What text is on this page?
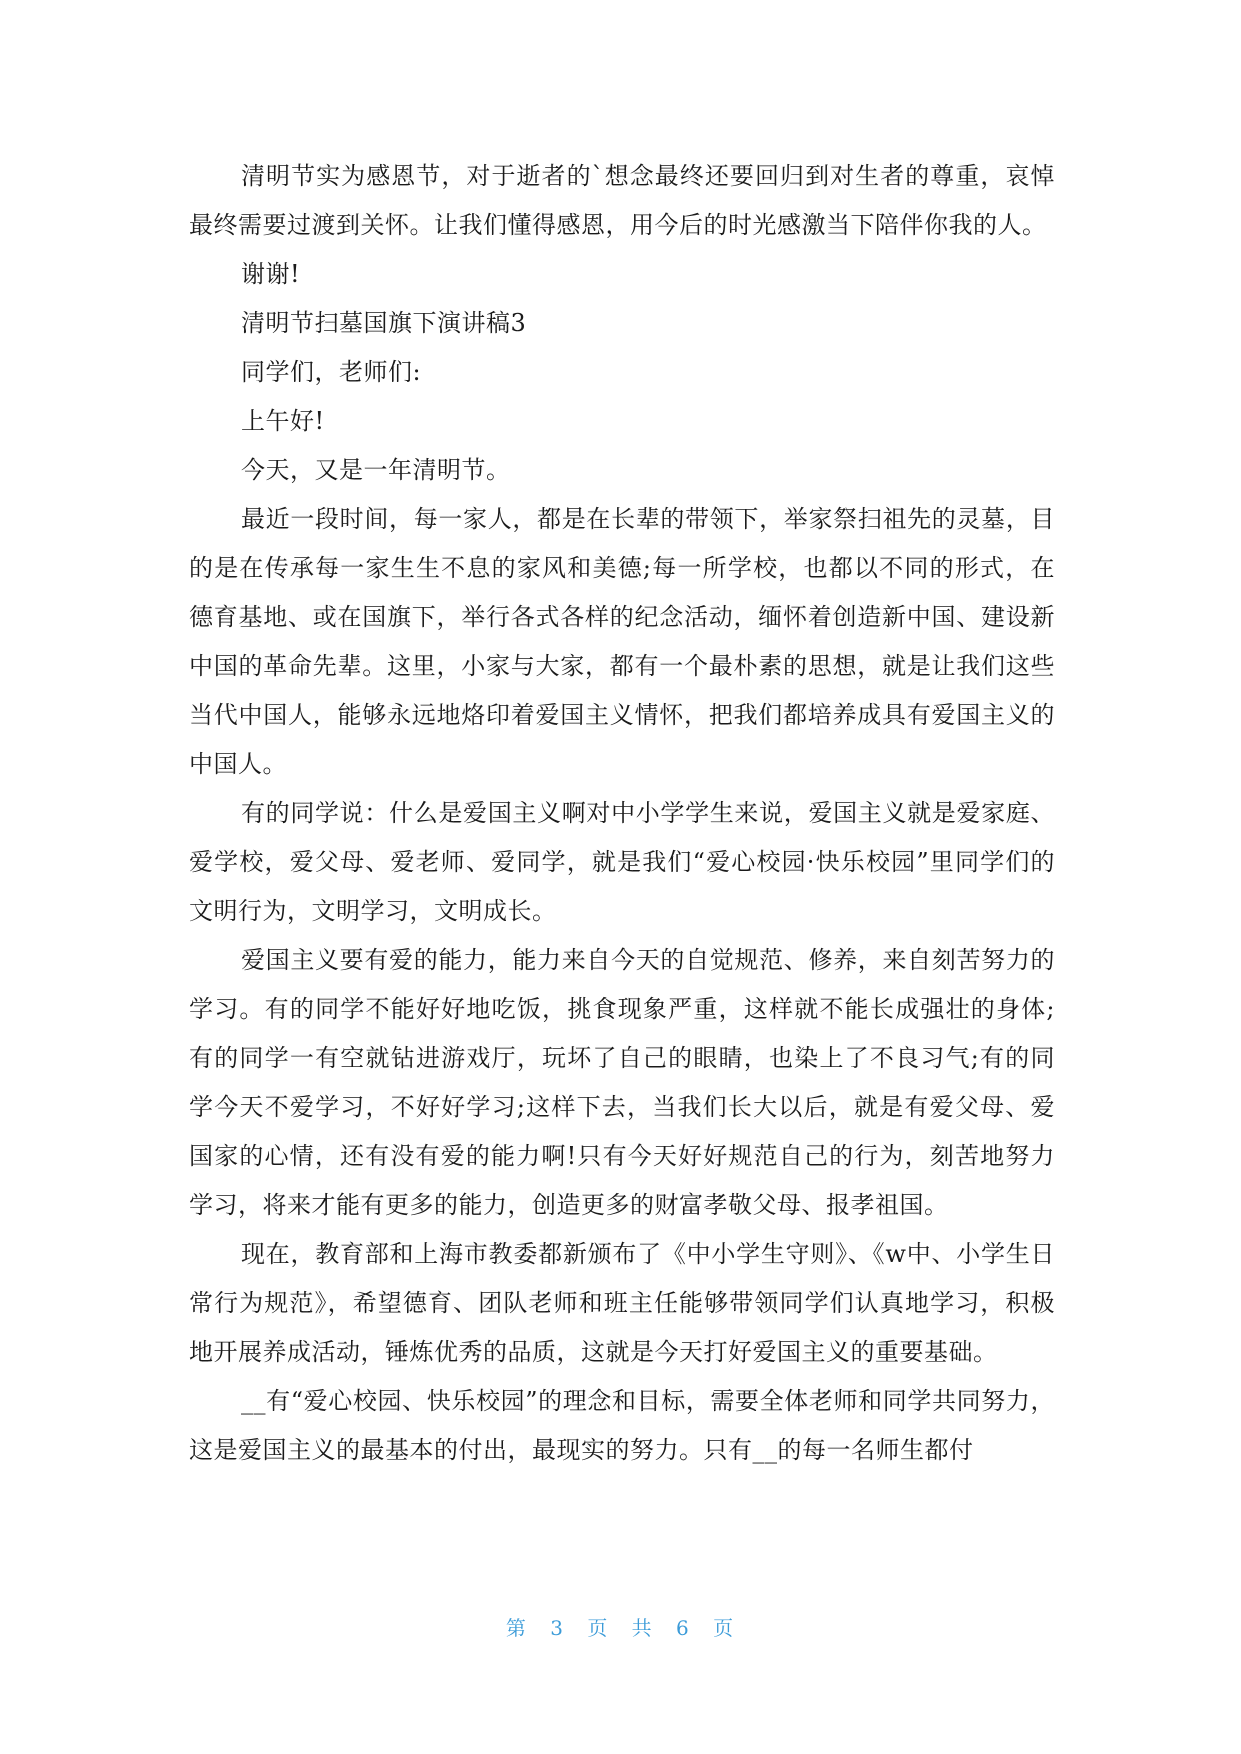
清明节实为感恩节，对于逝者的`想念最终还要回归到对生者的尊重，哀悼最终需要过渡到关怀。让我们懂得感恩，用今后的时光感激当下陪伴你我的人。

谢谢!

清明节扫墓国旗下演讲稿3

同学们，老师们:

上午好!

今天，又是一年清明节。

最近一段时间，每一家人，都是在长辈的带领下，举家祭扫祖先的灵墓，目的是在传承每一家生生不息的家风和美德;每一所学校，也都以不同的形式，在德育基地、或在国旗下，举行各式各样的纪念活动，缅怀着创造新中国、建设新中国的革命先辈。这里，小家与大家，都有一个最朴素的思想，就是让我们这些当代中国人，能够永远地烙印着爱国主义情怀，把我们都培养成具有爱国主义的中国人。

有的同学说：什么是爱国主义啊对中小学学生来说，爱国主义就是爱家庭、爱学校，爱父母、爱老师、爱同学，就是我们“爱心校园·快乐校园”里同学们的文明行为，文明学习，文明成长。

爱国主义要有爱的能力，能力来自今天的自觉规范、修养，来自刻苦努力的学习。有的同学不能好好地吃饭，挑食现象严重，这样就不能长成强壮的身体;有的同学一有空就钻进游戏厅，玩坏了自己的眼睛，也染上了不良习气;有的同学今天不爱学习，不好好学习;这样下去，当我们长大以后，就是有爱父母、爱国家的心情，还有没有爱的能力啊!只有今天好好规范自己的行为，刻苦地努力学习，将来才能有更多的能力，创造更多的财富孝敬父母、报孝祖国。

现在，教育部和上海市教委都新颁布了《中小学生守则》、《w中、小学生日常行为规范》，希望德育、团队老师和班主任能够带领同学们认真地学习，积极地开展养成活动，锤炼优秀的品质，这就是今天打好爱国主义的重要基础。

__有“爱心校园、快乐校园”的理念和目标，需要全体老师和同学共同努力，这是爱国主义的最基本的付出，最现实的努力。只有__的每一名师生都付

第 3 页 共 6 页
